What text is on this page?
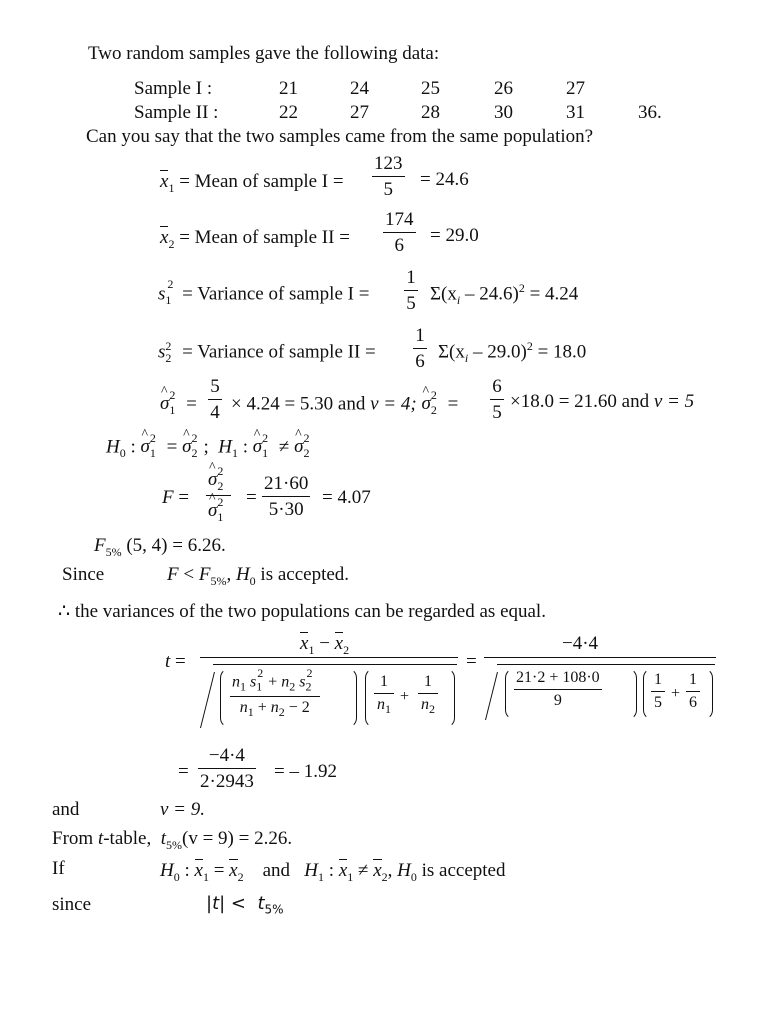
Two random samples gave the following data:
Sample I :	21	24	25	26	27
Sample II :	22	27	28	30	31	36.
Can you say that the two samples came from the same population?
$x_1$ = Mean of sample I =
123
5	= 24.6
$x_2$ = Mean of sample II =
174
6	= 29.0
$s_1^2$ = Variance of sample I =
1
5 $\Sigma(x_i - 24.6)^2 = 4.24$
$s^2_2$ = Variance of sample II =
1
6 $\Sigma(x_i - 29.0)^2 = 18.0$
^ $\sigma_1^2$ =
5
4 × 4.24 = 5.30 and v = 4; ^ $\sigma_2^2$ =
6
5
×18.0 = 21.60 and v = 5
$H_0$ : ^ $\sigma_1^2$ = ^ $\sigma_2^2$ ;  $H_1$ : ^ $\sigma_1^2$ ≠ ^ $\sigma_2^2$
F =
^ $\sigma_2^2$
^ $\sigma_1^2$	=
21·60
5·30
= 4.07
$F_{5\%}$ (5, 4) = 6.26.
Since	$F < F_{5\%}$, $H_0$ is accepted.
∴ the variances of the two populations can be regarded as equal.
t =
$x_1 - x_2$
$n_1$ $s_1^2+ n_2$ $s_2^2$
$n_1 + n_2 - 2$
1
$n_1$
+
1
$n_2$
=
−4·4
21·2 + 108·0
9
1
5
+
1
6
=
−4·4
2·2943 = – 1.92
and	v = 9.
From t-table, $t_{5\%}(v = 9) = 2.26$.
If	$H_0$ : $x_1 = x_2$ and $H_1$ : $x_1 \ne x_2$, $H_0$ is accepted
since	$|t| < t_{5\%}$
